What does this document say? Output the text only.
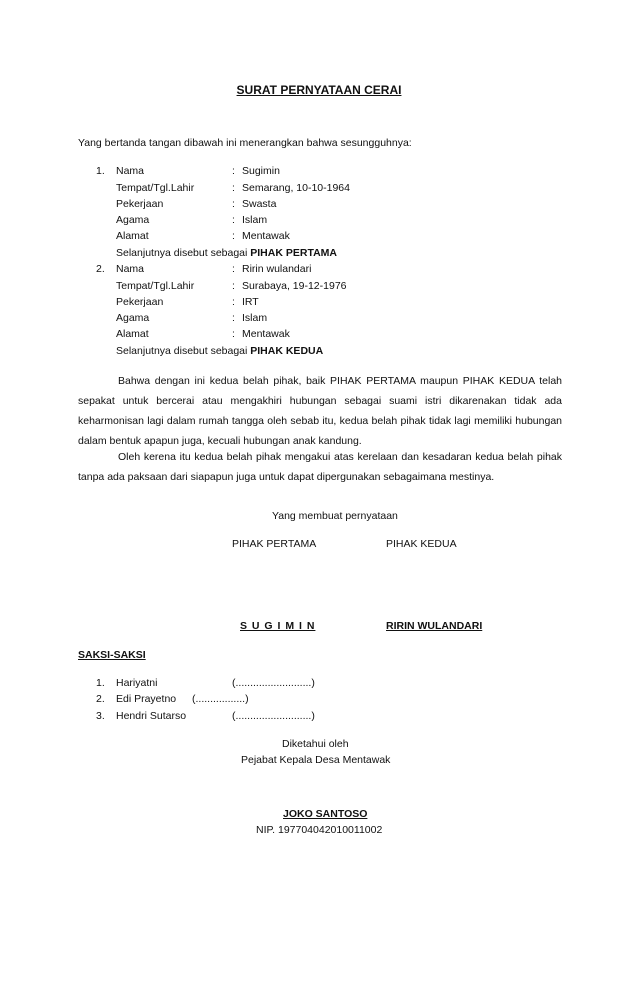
SURAT PERNYATAAN CERAI
Yang bertanda tangan dibawah ini menerangkan bahwa sesungguhnya:
1. Nama	: Sugimin
Tempat/Tgl.Lahir	: Semarang, 10-10-1964
Pekerjaan	: Swasta
Agama	: Islam
Alamat	: Mentawak
Selanjutnya disebut sebagai PIHAK PERTAMA
2. Nama	: Ririn wulandari
Tempat/Tgl.Lahir	: Surabaya, 19-12-1976
Pekerjaan	: IRT
Agama	: Islam
Alamat	: Mentawak
Selanjutnya disebut sebagai PIHAK KEDUA
Bahwa dengan ini kedua belah pihak, baik PIHAK PERTAMA maupun PIHAK KEDUA telah sepakat untuk bercerai atau mengakhiri hubungan sebagai suami istri dikarenakan tidak ada keharmonisan lagi dalam rumah tangga oleh sebab itu, kedua belah pihak tidak lagi memiliki hubungan dalam bentuk apapun juga, kecuali hubungan anak kandung.
Oleh kerena itu kedua belah pihak mengakui atas kerelaan dan kesadaran kedua belah pihak tanpa ada paksaan dari siapapun juga untuk dapat dipergunakan sebagaimana mestinya.
Yang membuat pernyataan
PIHAK PERTAMA	PIHAK KEDUA
S U G I M I N	RIRIN WULANDARI
SAKSI-SAKSI
1. Hariyatni	(..........................)
2. Edi Prayetno (.................)
3. Hendri Sutarso	(..........................)
Diketahui oleh
Pejabat Kepala Desa Mentawak
JOKO SANTOSO
NIP. 197704042010011002
